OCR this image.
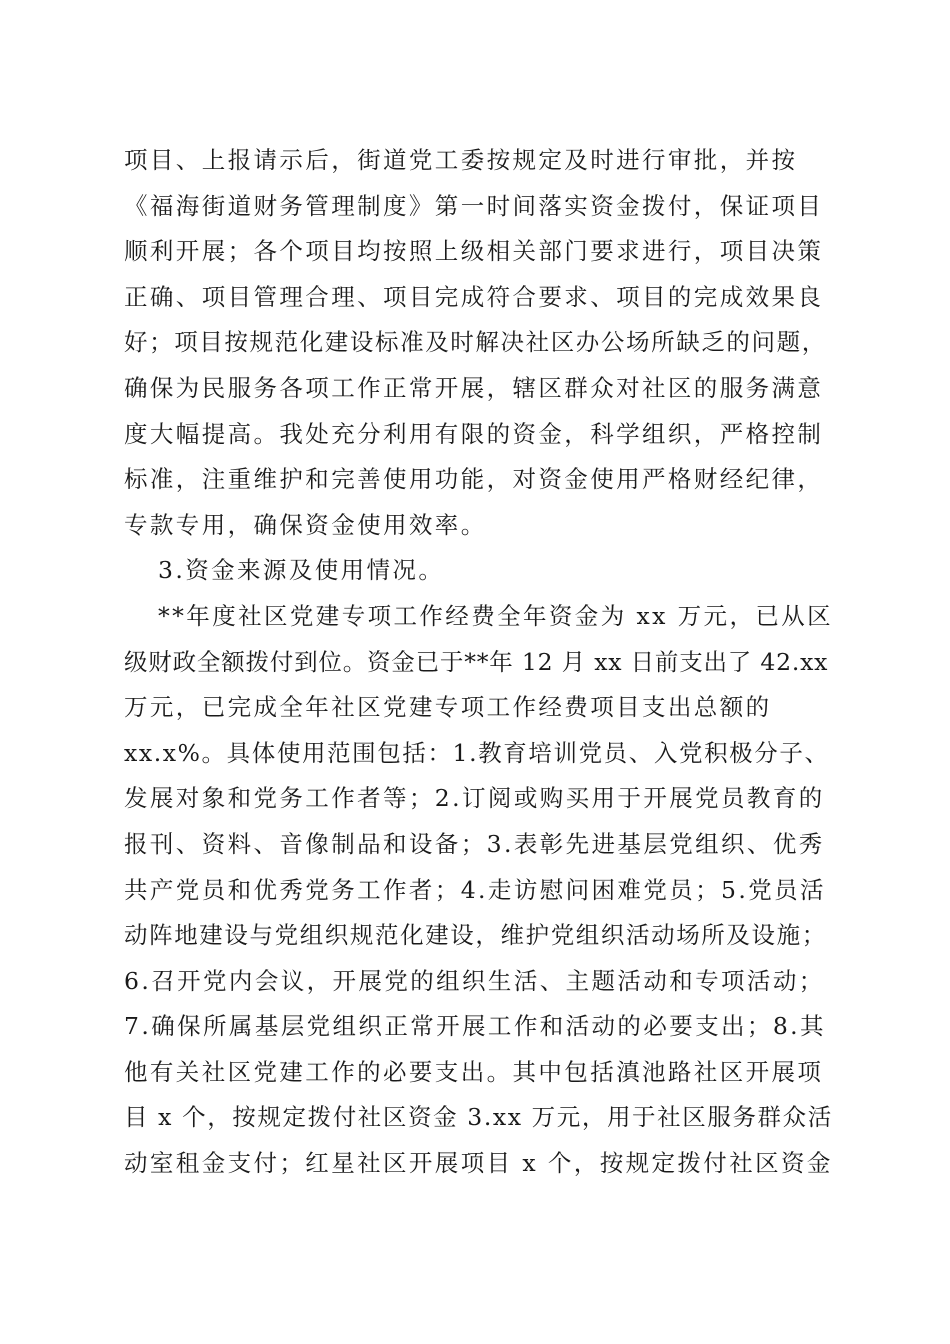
项目、上报请示后，街道党工委按规定及时进行审批，并按
《福海街道财务管理制度》第一时间落实资金拨付，保证项目
顺利开展；各个项目均按照上级相关部门要求进行，项目决策
正确、项目管理合理、项目完成符合要求、项目的完成效果良
好；项目按规范化建设标准及时解决社区办公场所缺乏的问题，
确保为民服务各项工作正常开展，辖区群众对社区的服务满意
度大幅提高。我处充分利用有限的资金，科学组织，严格控制
标准，注重维护和完善使用功能，对资金使用严格财经纪律，
专款专用，确保资金使用效率。
3.资金来源及使用情况。
**年度社区党建专项工作经费全年资金为 xx 万元，已从区
级财政全额拨付到位。资金已于**年 12 月 xx 日前支出了 42.xx
万元，已完成全年社区党建专项工作经费项目支出总额的
xx.x%。具体使用范围包括：1.教育培训党员、入党积极分子、
发展对象和党务工作者等；2.订阅或购买用于开展党员教育的
报刊、资料、音像制品和设备；3.表彰先进基层党组织、优秀
共产党员和优秀党务工作者；4.走访慰问困难党员；5.党员活
动阵地建设与党组织规范化建设，维护党组织活动场所及设施；
6.召开党内会议，开展党的组织生活、主题活动和专项活动；
7.确保所属基层党组织正常开展工作和活动的必要支出；8.其
他有关社区党建工作的必要支出。其中包括滇池路社区开展项
目 x 个，按规定拨付社区资金 3.xx 万元，用于社区服务群众活
动室租金支付；红星社区开展项目 x 个，按规定拨付社区资金
